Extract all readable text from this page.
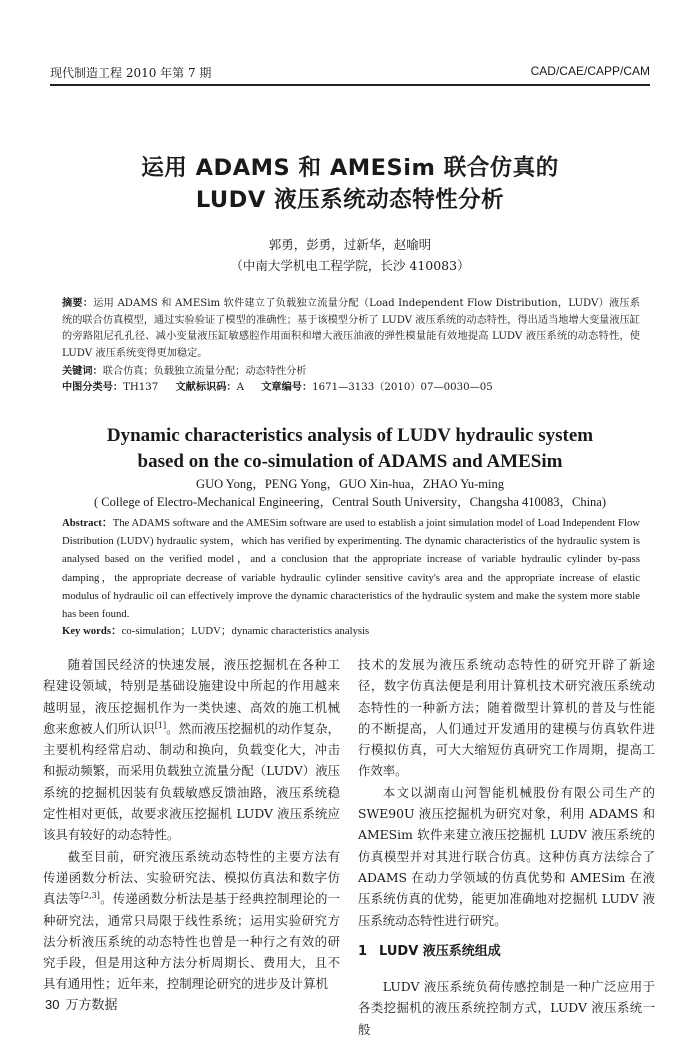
现代制造工程 2010 年第 7 期	CAD/CAE/CAPP/CAM
运用 ADAMS 和 AMESim 联合仿真的
LUDV 液压系统动态特性分析
郭勇，彭勇，过新华，赵喻明
（中南大学机电工程学院，长沙 410083）
摘要：运用 ADAMS 和 AMESim 软件建立了负载独立流量分配（Load Independent Flow Distribution，LUDV）液压系统的联合仿真模型，通过实验验证了模型的准确性；基于该模型分析了 LUDV 液压系统的动态特性，得出适当地增大变量液压缸的旁路阻尼孔孔径、减小变量液压缸敏感腔作用面积和增大液压油液的弹性模量能有效地提高 LUDV 液压系统的动态特性，使 LUDV 液压系统变得更加稳定。
关键词：联合仿真；负载独立流量分配；动态特性分析
中图分类号：TH137 文献标识码：A 文章编号：1671—3133（2010）07—0030—05
Dynamic characteristics analysis of LUDV hydraulic system
based on the co-simulation of ADAMS and AMESim
GUO Yong，PENG Yong，GUO Xin-hua，ZHAO Yu-ming
( College of Electro-Mechanical Engineering，Central South University，Changsha 410083，China)
Abstract：The ADAMS software and the AMESim software are used to establish a joint simulation model of Load Independent Flow Distribution (LUDV) hydraulic system，which has verified by experimenting. The dynamic characteristics of the hydraulic system is analysed based on the verified model，and a conclusion that the appropriate increase of variable hydraulic cylinder by-pass damping，the appropriate decrease of variable hydraulic cylinder sensitive cavity's area and the appropriate increase of elastic modulus of hydraulic oil can effectively improve the dynamic characteristics of the hydraulic system and make the system more stable has been found.
Key words：co-simulation；LUDV；dynamic characteristics analysis

随着国民经济的快速发展，液压挖掘机在各种工程建设领域，特别是基础设施建设中所起的作用越来越明显，液压挖掘机作为一类快速、高效的施工机械愈来愈被人们所认识[1]。然而液压挖掘机的动作复杂，主要机构经常启动、制动和换向，负载变化大，冲击和振动频繁，而采用负载独立流量分配（LUDV）液压系统的挖掘机因装有负载敏感反馈油路，液压系统稳定性相对更低，故要求液压挖掘机 LUDV 液压系统应该具有较好的动态特性。

截至目前，研究液压系统动态特性的主要方法有传递函数分析法、实验研究法、模拟仿真法和数字仿真法等[2,3]。传递函数分析法是基于经典控制理论的一种研究法，通常只局限于线性系统；运用实验研究方法分析液压系统的动态特性也曾是一种行之有效的研究手段，但是用这种方法分析周期长、费用大，且不具有通用性；近年来，控制理论研究的进步及计算机

技术的发展为液压系统动态特性的研究开辟了新途径，数字仿真法便是利用计算机技术研究液压系统动态特性的一种新方法；随着微型计算机的普及与性能的不断提高，人们通过开发通用的建模与仿真软件进行模拟仿真，可大大缩短仿真研究工作周期，提高工作效率。

本文以湖南山河智能机械股份有限公司生产的 SWE90U 液压挖掘机为研究对象，利用 ADAMS 和 AMESim 软件来建立液压挖掘机 LUDV 液压系统的仿真模型并对其进行联合仿真。这种仿真方法综合了 ADAMS 在动力学领域的仿真优势和 AMESim 在液压系统仿真的优势，能更加准确地对挖掘机 LUDV 液压系统动态特性进行研究。

1 LUDV 液压系统组成

LUDV 液压系统负荷传感控制是一种广泛应用于各类挖掘机的液压系统控制方式，LUDV 液压系统一般

30 万方数据
